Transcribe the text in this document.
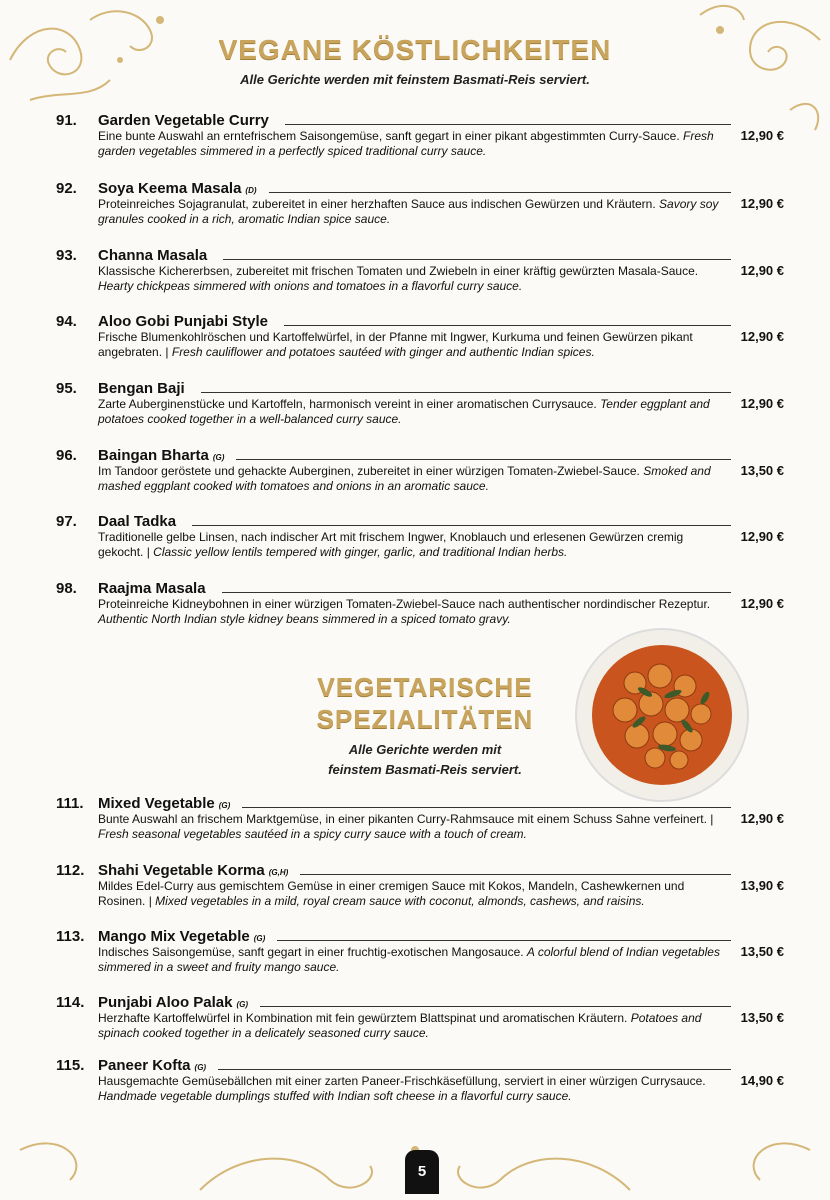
VEGANE KÖSTLICHKEITEN
Alle Gerichte werden mit feinstem Basmati-Reis serviert.
VEGETARISCHE
SPEZIALITÄTEN
Alle Gerichte werden mit
feinstem Basmati-Reis serviert.
5
91.	Garden Vegetable Curry
12,90 €
Eine bunte Auswahl an erntefrischem Saisongemüse, sanft gegart in einer pikant abgestimmten Curry-Sauce. Fresh garden vegetables simmered in a perfectly spiced traditional curry sauce.
92.	Soya Keema Masala (D)
12,90 €
Proteinreiches Sojagranulat, zubereitet in einer herzhaften Sauce aus indischen Gewürzen und Kräutern. Savory soy granules cooked in a rich, aromatic Indian spice sauce.
93.	Channa Masala
12,90 €
Klassische Kichererbsen, zubereitet mit frischen Tomaten und Zwiebeln in einer kräftig gewürzten Masala-Sauce. Hearty chickpeas simmered with onions and tomatoes in a flavorful curry sauce.
94.	Aloo Gobi Punjabi Style
12,90 €
Frische Blumenkohlröschen und Kartoffelwürfel, in der Pfanne mit Ingwer, Kurkuma und feinen Gewürzen pikant angebraten. | Fresh cauliflower and potatoes sautéed with ginger and authentic Indian spices.
95.	Bengan Baji
12,90 €
Zarte Auberginenstücke und Kartoffeln, harmonisch vereint in einer aromatischen Currysauce. Tender eggplant and potatoes cooked together in a well-balanced curry sauce.
96.	Baingan Bharta (G)
13,50 €
Im Tandoor geröstete und gehackte Auberginen, zubereitet in einer würzigen Tomaten-Zwiebel-Sauce. Smoked and mashed eggplant cooked with tomatoes and onions in an aromatic sauce.
97.	Daal Tadka
12,90 €
Traditionelle gelbe Linsen, nach indischer Art mit frischem Ingwer, Knoblauch und erlesenen Gewürzen cremig gekocht. | Classic yellow lentils tempered with ginger, garlic, and traditional Indian herbs.
98.	Raajma Masala
12,90 €
Proteinreiche Kidneybohnen in einer würzigen Tomaten-Zwiebel-Sauce nach authentischer nordindischer Rezeptur. Authentic North Indian style kidney beans simmered in a spiced tomato gravy.
111. Mixed Vegetable (G)
12,90 €
Bunte Auswahl an frischem Marktgemüse, in einer pikanten Curry-Rahmsauce mit einem Schuss Sahne verfeinert. | Fresh seasonal vegetables sautéed in a spicy curry sauce with a touch of cream.
112. Shahi Vegetable Korma (G,H)
13,90 €
Mildes Edel-Curry aus gemischtem Gemüse in einer cremigen Sauce mit Kokos, Mandeln, Cashewkernen und Rosinen. | Mixed vegetables in a mild, royal cream sauce with coconut, almonds, cashews, and raisins.
113. Mango Mix Vegetable (G)
13,50 €
Indisches Saisongemüse, sanft gegart in einer fruchtig-exotischen Mangosauce. A colorful blend of Indian vegetables simmered in a sweet and fruity mango sauce.
114. Punjabi Aloo Palak (G)
13,50 €
Herzhafte Kartoffelwürfel in Kombination mit fein gewürztem Blattspinat und aromatischen Kräutern. Potatoes and spinach cooked together in a delicately seasoned curry sauce.
115. Paneer Kofta (G)
14,90 €
Hausgemachte Gemüsebällchen mit einer zarten Paneer-Frischkäsefüllung, serviert in einer würzigen Currysauce. Handmade vegetable dumplings stuffed with Indian soft cheese in a flavorful curry sauce.
